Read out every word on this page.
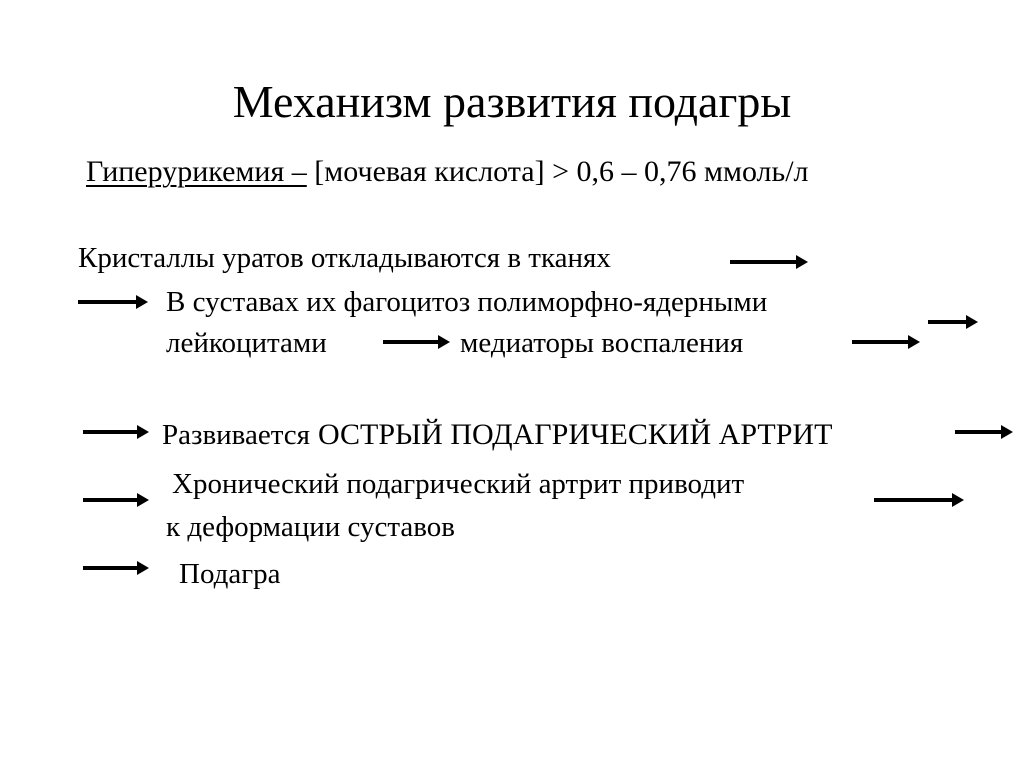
Механизм развития подагры
Гиперурикемия – [мочевая кислота] > 0,6 – 0,76 ммоль/л
Кристаллы уратов откладываются в тканях
В суставах их фагоцитоз полиморфно-ядерными
лейкоцитами	медиаторы воспаления
Развивается ОСТРЫЙ ПОДАГРИЧЕСКИЙ АРТРИТ
Хронический подагрический артрит приводит
к деформации суставов
Подагра
